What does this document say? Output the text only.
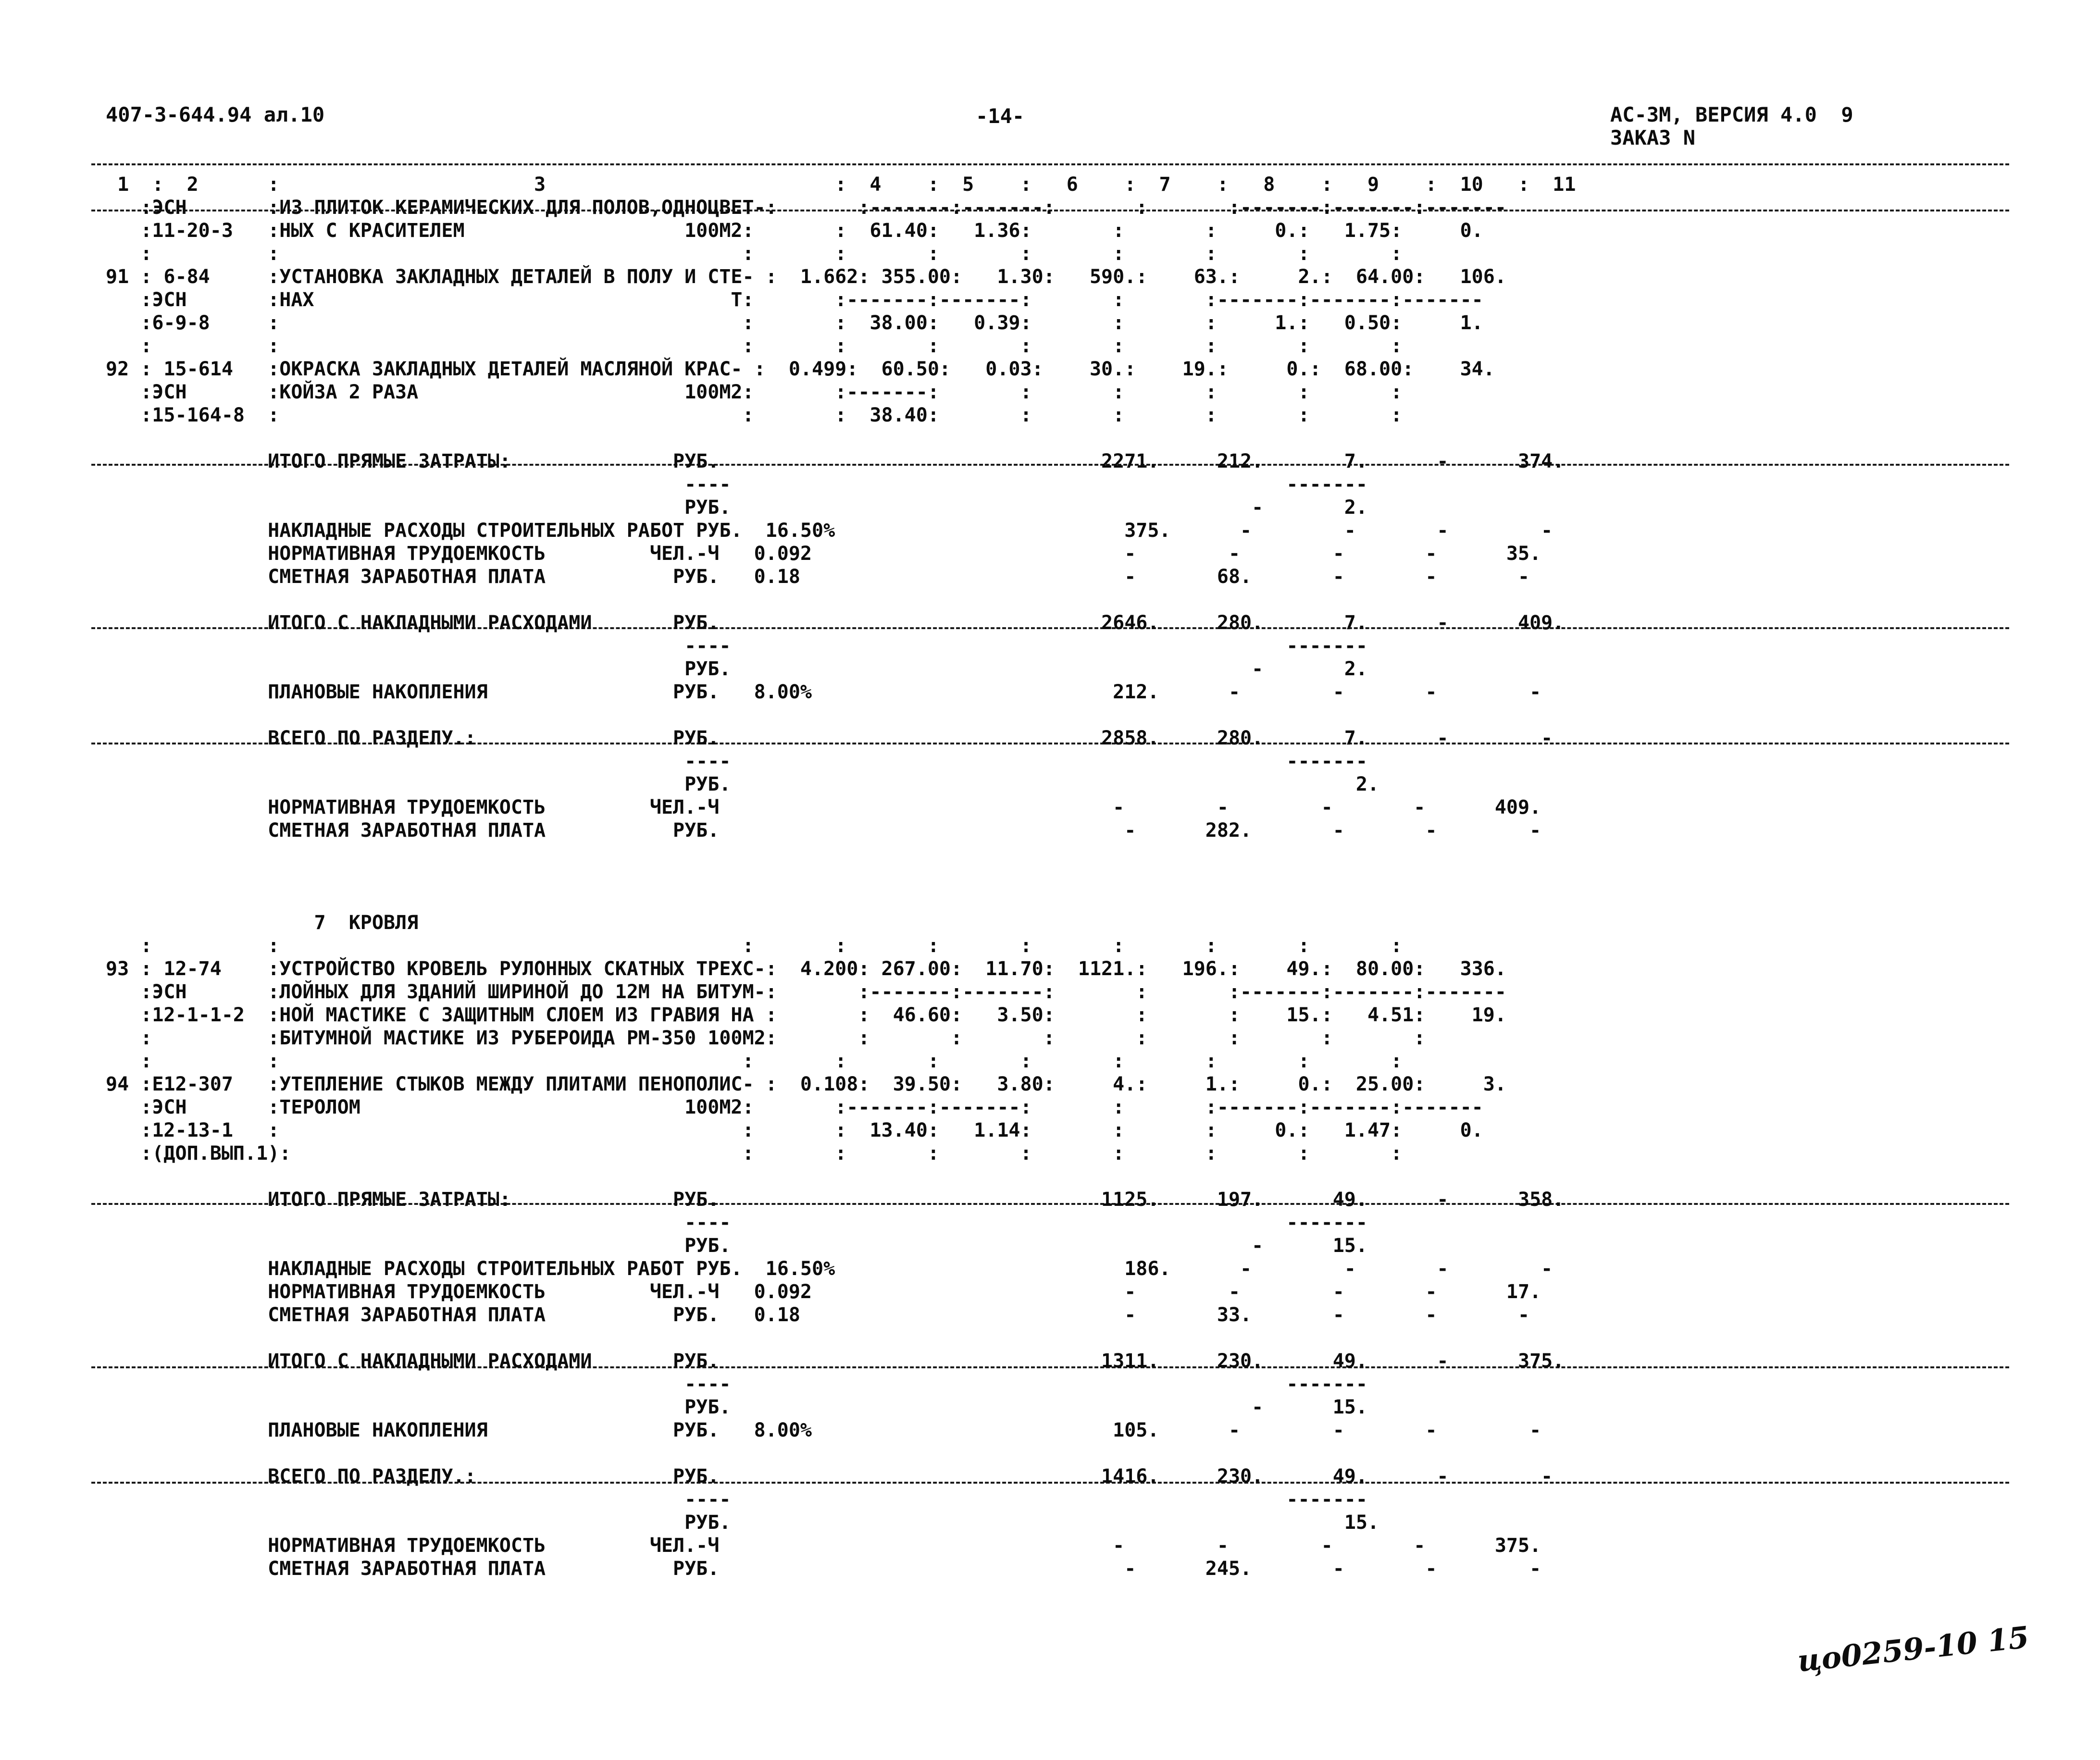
407-3-644.94 ал.10	-14-	АС-3М, ВЕРСИЯ 4.0  9
ЗАКАЗ N
1  :  2      :                      3                         :  4    :  5    :   6    :  7    :   8    :   9    :  10   :  11
:ЭСН       :ИЗ ПЛИТОК КЕРАМИЧЕСКИХ ДЛЯ ПОЛОВ,ОДНОЦВЕТ-:       :-------:-------:       :       :-------:-------:-------
:11-20-3   :НЫХ С КРАСИТЕЛЕМ                   100М2:       :  61.40:   1.36:       :       :     0.:   1.75:     0.
:          :                                        :       :       :       :       :       :       :       :
91 : 6-84     :УСТАНОВКА ЗАКЛАДНЫХ ДЕТАЛЕЙ В ПОЛУ И СТЕ- :  1.662: 355.00:   1.30:   590.:    63.:     2.:  64.00:   106.
:ЭСН       :НАХ                                    Т:       :-------:-------:       :       :-------:-------:-------
:6-9-8     :                                        :       :  38.00:   0.39:       :       :     1.:   0.50:     1.
:          :                                        :       :       :       :       :       :       :       :
92 : 15-614   :ОКРАСКА ЗАКЛАДНЫХ ДЕТАЛЕЙ МАСЛЯНОЙ КРАС- :  0.499:  60.50:   0.03:    30.:    19.:     0.:  68.00:    34.
:ЭСН       :КОЙЗА 2 РАЗА                       100М2:       :-------:       :       :       :       :       :
:15-164-8  :                                        :       :  38.40:       :       :       :       :       :
ИТОГО ПРЯМЫЕ ЗАТРАТЫ:              РУБ.                                 2271.     212.       7.      -      374.
----                                                -------
РУБ.                                             -       2.
НАКЛАДНЫЕ РАСХОДЫ СТРОИТЕЛЬНЫХ РАБОТ РУБ.  16.50%                         375.      -        -       -        -
НОРМАТИВНАЯ ТРУДОЕМКОСТЬ         ЧЕЛ.-Ч   0.092                           -        -        -       -      35.
СМЕТНАЯ ЗАРАБОТНАЯ ПЛАТА           РУБ.   0.18                            -       68.       -       -       -
ИТОГО С НАКЛАДНЫМИ РАСХОДАМИ       РУБ.                                 2646.     280.       7.      -      409.
----                                                -------
РУБ.                                             -       2.
ПЛАНОВЫЕ НАКОПЛЕНИЯ                РУБ.   8.00%                          212.      -        -       -        -
ВСЕГО ПО РАЗДЕЛУ.:                 РУБ.                                 2858.     280.       7.      -        -
----                                                -------
РУБ.                                                      2.
НОРМАТИВНАЯ ТРУДОЕМКОСТЬ         ЧЕЛ.-Ч                                  -        -        -       -      409.
СМЕТНАЯ ЗАРАБОТНАЯ ПЛАТА           РУБ.                                   -      282.       -       -        -
7  КРОВЛЯ
:          :                                        :       :       :       :       :       :       :       :
93 : 12-74    :УСТРОЙСТВО КРОВЕЛЬ РУЛОННЫХ СКАТНЫХ ТРЕХС-:  4.200: 267.00:  11.70:  1121.:   196.:    49.:  80.00:   336.
:ЭСН       :ЛОЙНЫХ ДЛЯ ЗДАНИЙ ШИРИНОЙ ДО 12М НА БИТУМ-:       :-------:-------:       :       :-------:-------:-------
:12-1-1-2  :НОЙ МАСТИКЕ С ЗАЩИТНЫМ СЛОЕМ ИЗ ГРАВИЯ НА :       :  46.60:   3.50:       :       :    15.:   4.51:    19.
:          :БИТУМНОЙ МАСТИКЕ ИЗ РУБЕРОИДА РМ-350 100М2:       :       :       :       :       :       :       :
:          :                                        :       :       :       :       :       :       :       :
94 :Е12-307   :УТЕПЛЕНИЕ СТЫКОВ МЕЖДУ ПЛИТАМИ ПЕНОПОЛИС- :  0.108:  39.50:   3.80:     4.:     1.:     0.:  25.00:     3.
:ЭСН       :ТЕРОЛОМ                            100М2:       :-------:-------:       :       :-------:-------:-------
:12-13-1   :                                        :       :  13.40:   1.14:       :       :     0.:   1.47:     0.
:(ДОП.ВЫП.1):                                       :       :       :       :       :       :       :       :
ИТОГО ПРЯМЫЕ ЗАТРАТЫ:              РУБ.                                 1125.     197.      49.      -      358.
----                                                -------
РУБ.                                             -      15.
НАКЛАДНЫЕ РАСХОДЫ СТРОИТЕЛЬНЫХ РАБОТ РУБ.  16.50%                         186.      -        -       -        -
НОРМАТИВНАЯ ТРУДОЕМКОСТЬ         ЧЕЛ.-Ч   0.092                           -        -        -       -      17.
СМЕТНАЯ ЗАРАБОТНАЯ ПЛАТА           РУБ.   0.18                            -       33.       -       -       -
ИТОГО С НАКЛАДНЫМИ РАСХОДАМИ       РУБ.                                 1311.     230.      49.      -      375.
----                                                -------
РУБ.                                             -      15.
ПЛАНОВЫЕ НАКОПЛЕНИЯ                РУБ.   8.00%                          105.      -        -       -        -
ВСЕГО ПО РАЗДЕЛУ.:                 РУБ.                                 1416.     230.      49.      -        -
----                                                -------
РУБ.                                                     15.
НОРМАТИВНАЯ ТРУДОЕМКОСТЬ         ЧЕЛ.-Ч                                  -        -        -       -      375.
СМЕТНАЯ ЗАРАБОТНАЯ ПЛАТА           РУБ.                                   -      245.       -       -        -
цо0259-10 15
